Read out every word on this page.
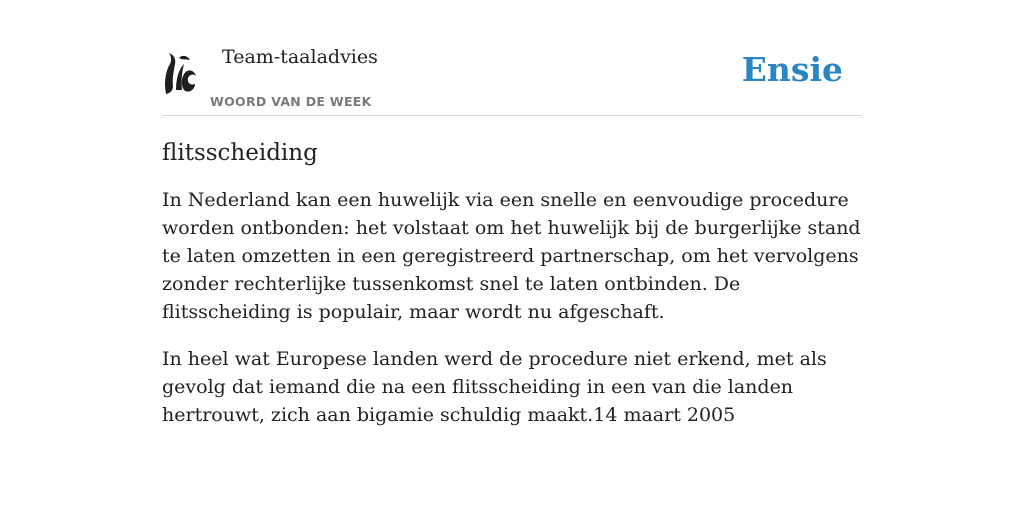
Team-taaladvies
WOORD VAN DE WEEK
Ensie
flitsscheiding

In Nederland kan een huwelijk via een snelle en eenvoudige procedure worden ontbonden: het volstaat om het huwelijk bij de burgerlijke stand te laten omzetten in een geregistreerd partnerschap, om het vervolgens zonder rechterlijke tussenkomst snel te laten ontbinden. De flitsscheiding is populair, maar wordt nu afgeschaft.

In heel wat Europese landen werd de procedure niet erkend, met als gevolg dat iemand die na een flitsscheiding in een van die landen hertrouwt, zich aan bigamie schuldig maakt.14 maart 2005
